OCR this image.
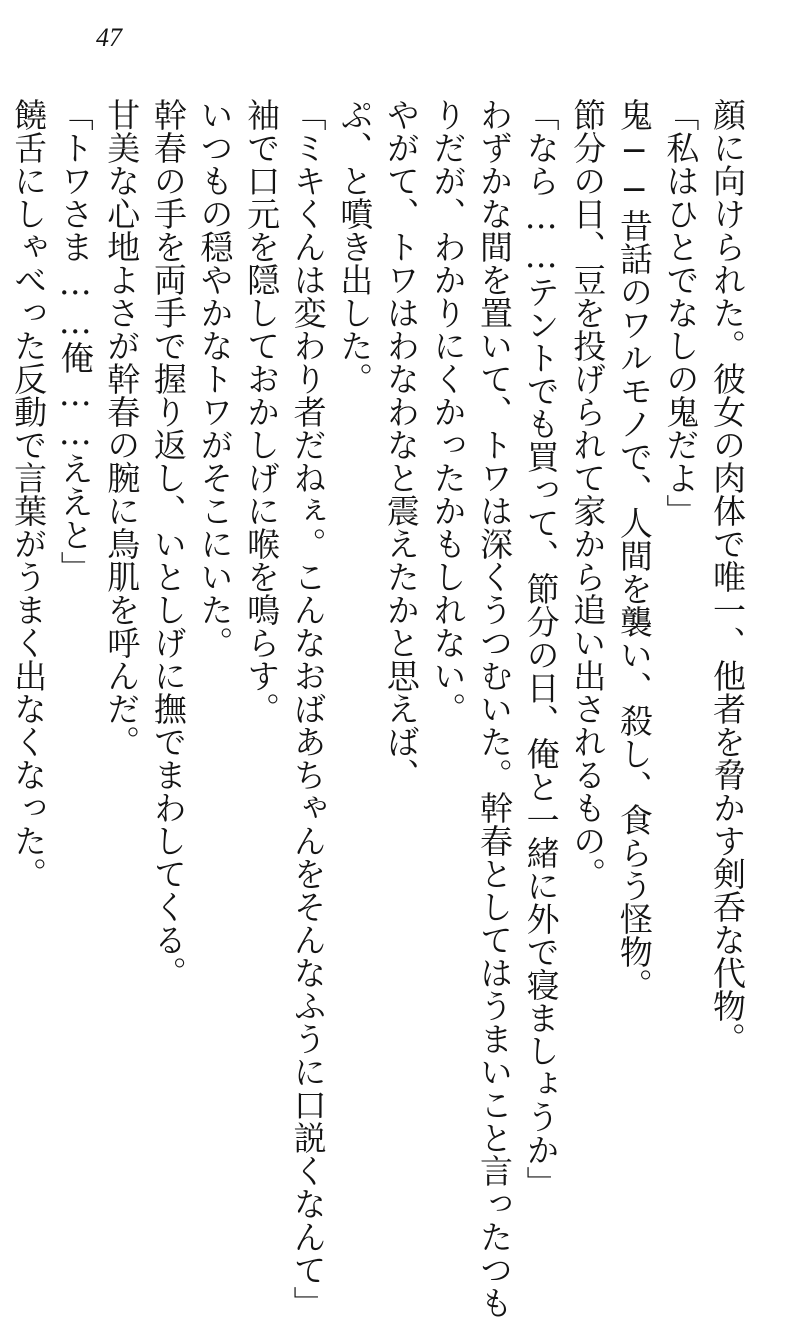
47
顔に向けられた。彼女の肉体で唯一、他者を脅かす剣呑な代物。
「私はひとでなしの鬼だよ」
鬼──昔話のワルモノで、人間を襲い、殺し、食らう怪物。
節分の日、豆を投げられて家から追い出されるもの。
「なら……テントでも買って、節分の日、俺と一緒に外で寝ましょうか」
わずかな間を置いて、トワは深くうつむいた。幹春としてはうまいこと言ったつも
りだが、わかりにくかったかもしれない。
やがて、トワはわなわなと震えたかと思えば、
ぷ、と噴き出した。
「ミキくんは変わり者だねぇ。こんなおばあちゃんをそんなふうに口説くなんて」
袖で口元を隠しておかしげに喉を鳴らす。
いつもの穏やかなトワがそこにいた。
幹春の手を両手で握り返し、いとしげに撫でまわしてくる。
甘美な心地よさが幹春の腕に鳥肌を呼んだ。
「トワさま……俺……ええと」
饒舌にしゃべった反動で言葉がうまく出なくなった。
